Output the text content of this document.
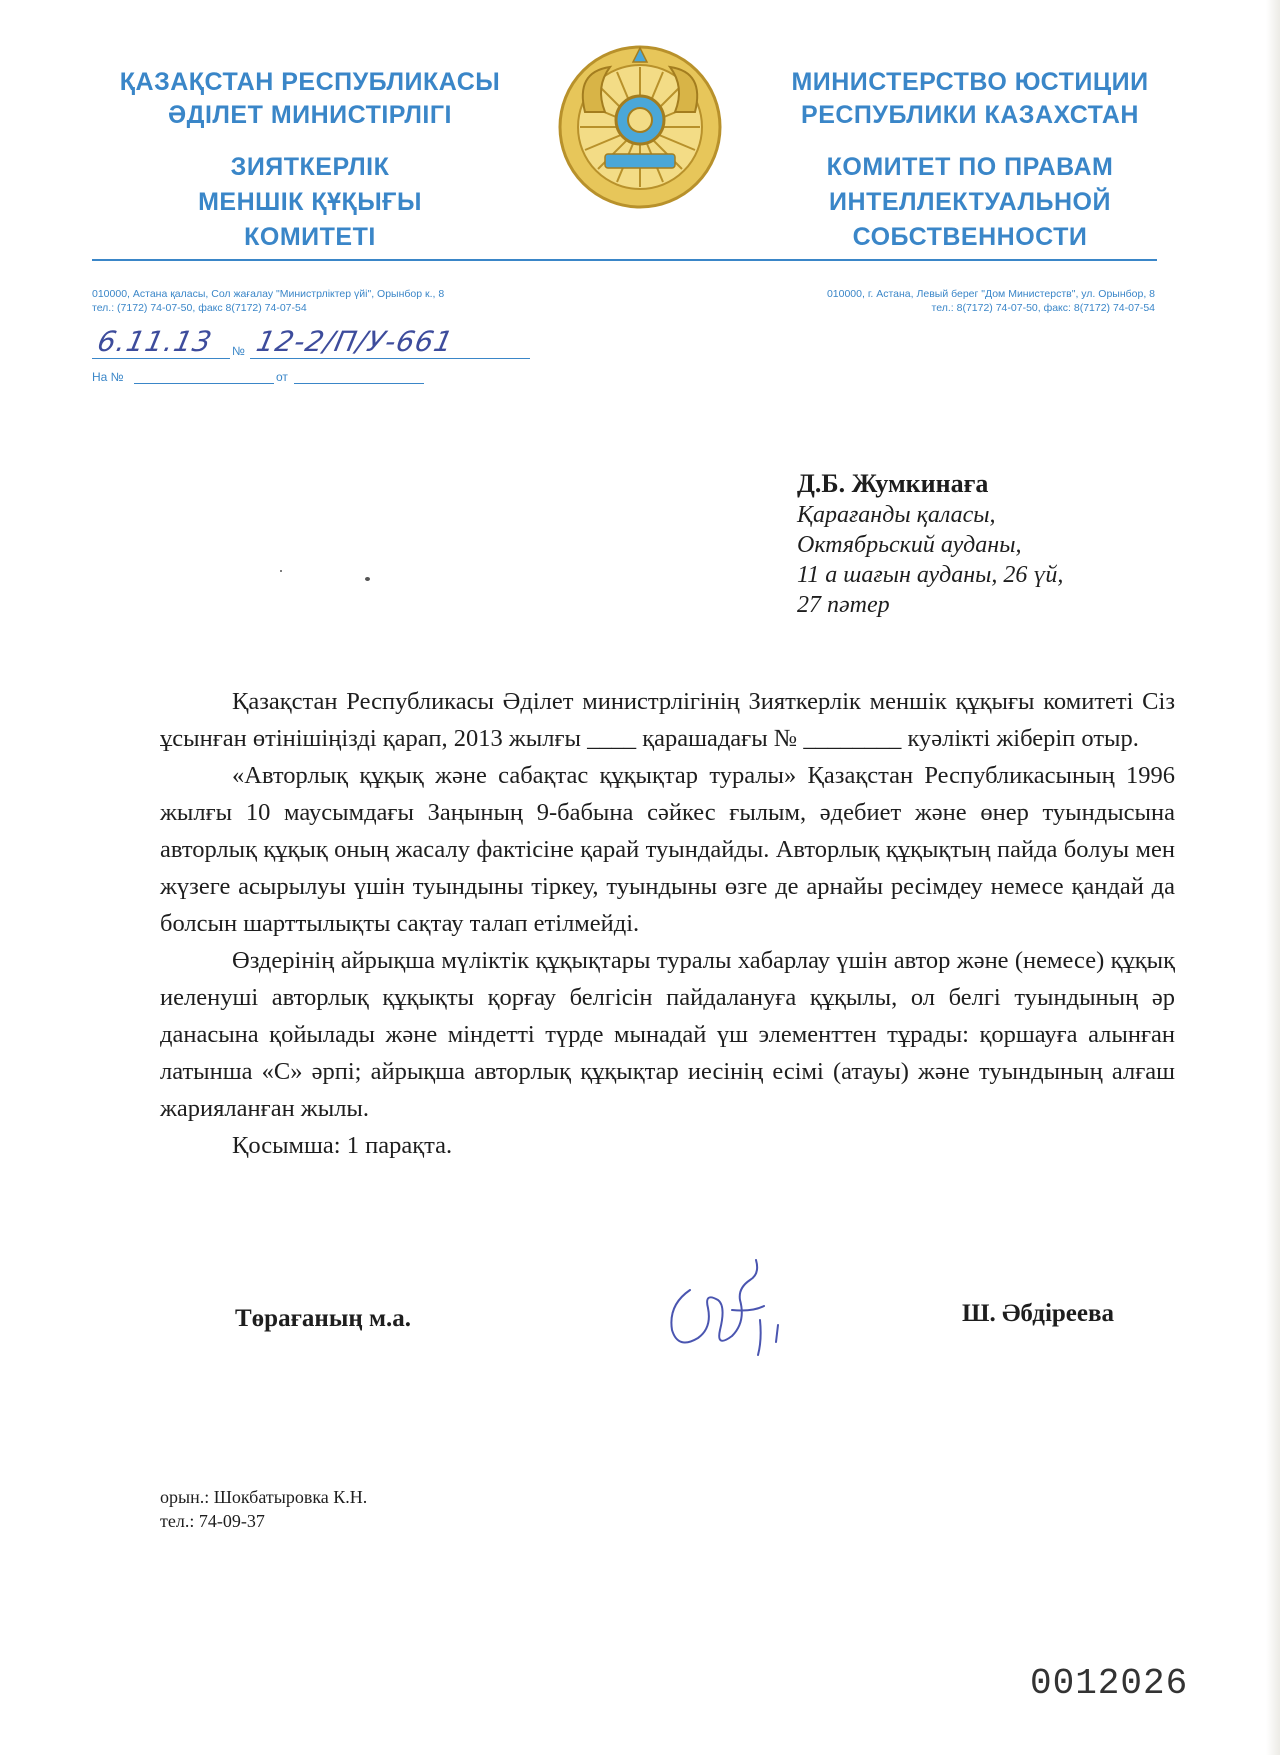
ҚАЗАҚСТАН РЕСПУБЛИКАСЫ
ӘДІЛЕТ МИНИСТІРЛІГІ
ЗИЯТКЕРЛІК
МЕНШІК ҚҰҚЫҒЫ
КОМИТЕТІ
МИНИСТЕРСТВО ЮСТИЦИИ
РЕСПУБЛИКИ КАЗАХСТАН
КОМИТЕТ ПО ПРАВАМ
ИНТЕЛЛЕКТУАЛЬНОЙ
СОБСТВЕННОСТИ
010000, Астана қаласы, Сол жағалау "Министрліктер үйі", Орынбор к., 8
тел.: (7172) 74-07-50, факс 8(7172) 74-07-54
010000, г. Астана, Левый берег "Дом Министерств", ул. Орынбор, 8
тел.: 8(7172) 74-07-50, факс: 8(7172) 74-07-54
6.11.13 № 12-2/П/У-661
На №	от
Д.Б. Жумкинаға
Қарағанды қаласы,
Октябрьский ауданы,
11 а шағын ауданы, 26 үй,
27 пәтер

Қазақстан Республикасы Әділет министрлігінің Зияткерлік меншік құқығы комитеті Сіз ұсынған өтінішіңізді қарап, 2013 жылғы ____ қарашадағы № ________ куәлікті жіберіп отыр.

«Авторлық құқық және сабақтас құқықтар туралы» Қазақстан Республикасының 1996 жылғы 10 маусымдағы Заңының 9-бабына сәйкес ғылым, әдебиет және өнер туындысына авторлық құқық оның жасалу фактісіне қарай туындайды. Авторлық құқықтың пайда болуы мен жүзеге асырылуы үшін туындыны тіркеу, туындыны өзге де арнайы ресімдеу немесе қандай да болсын шарттылықты сақтау талап етілмейді.

Өздерінің айрықша мүліктік құқықтары туралы хабарлау үшін автор және (немесе) құқық иеленуші авторлық құқықты қорғау белгісін пайдалануға құқылы, ол белгі туындының әр данасына қойылады және міндетті түрде мынадай үш элементтен тұрады: қоршауға алынған латынша «С» әрпі; айрықша авторлық құқықтар иесінің есімі (атауы) және туындының алғаш жарияланған жылы.

Қосымша: 1 парақта.

Төрағаның м.а.	Ш. Әбдіреева
орын.: Шокбатыровка К.Н.
тел.: 74-09-37
0012026
